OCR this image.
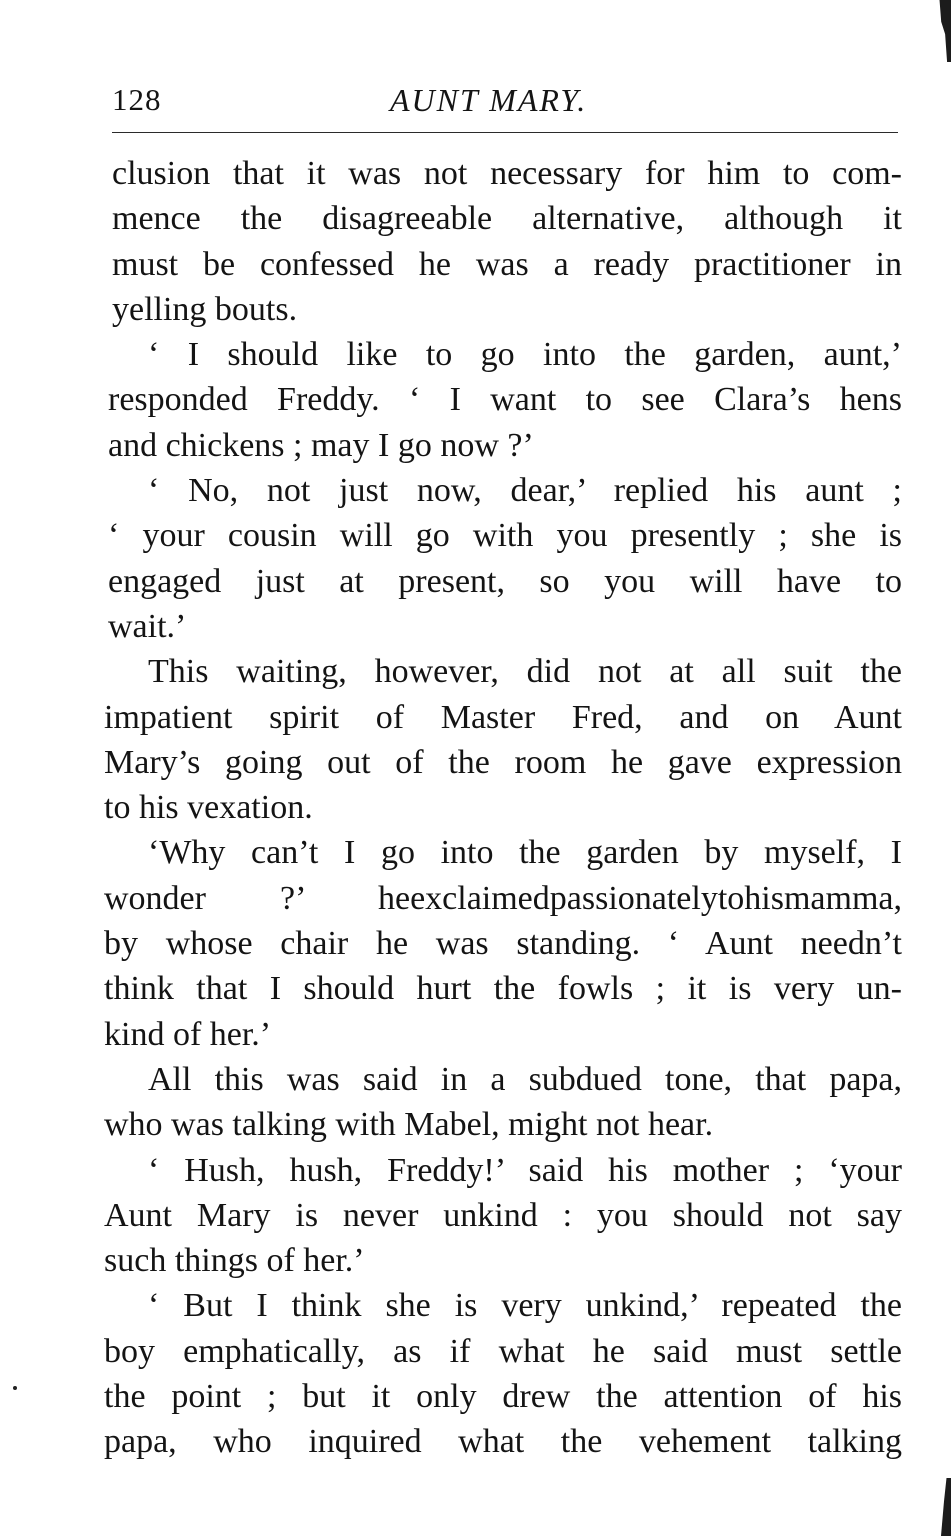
128	AUNT MARY.
clusion that it was not necessary for him to com-
mence the disagreeable alternative, although it
must be confessed he was a ready practitioner in
yelling bouts.
‘ I should like to go into the garden, aunt,’
responded Freddy. ‘ I want to see Clara’s hens
and chickens ; may I go now ?’
‘ No, not just now, dear,’ replied his aunt ;
‘ your cousin will go with you presently ; she is
engaged just at present, so you will have to
wait.’
This waiting, however, did not at all suit the
impatient spirit of Master Fred, and on Aunt
Mary’s going out of the room he gave expression
to his vexation.
‘Why can’t I go into the garden by myself, I
wonder ?’ heexclaimedpassionatelytohismamma,
by whose chair he was standing. ‘ Aunt needn’t
think that I should hurt the fowls ; it is very un-
kind of her.’
All this was said in a subdued tone, that papa,
who was talking with Mabel, might not hear.
‘ Hush, hush, Freddy!’ said his mother ; ‘your
Aunt Mary is never unkind : you should not say
such things of her.’
‘ But I think she is very unkind,’ repeated the
boy emphatically, as if what he said must settle
the point ; but it only drew the attention of his
papa, who inquired what the vehement talking
